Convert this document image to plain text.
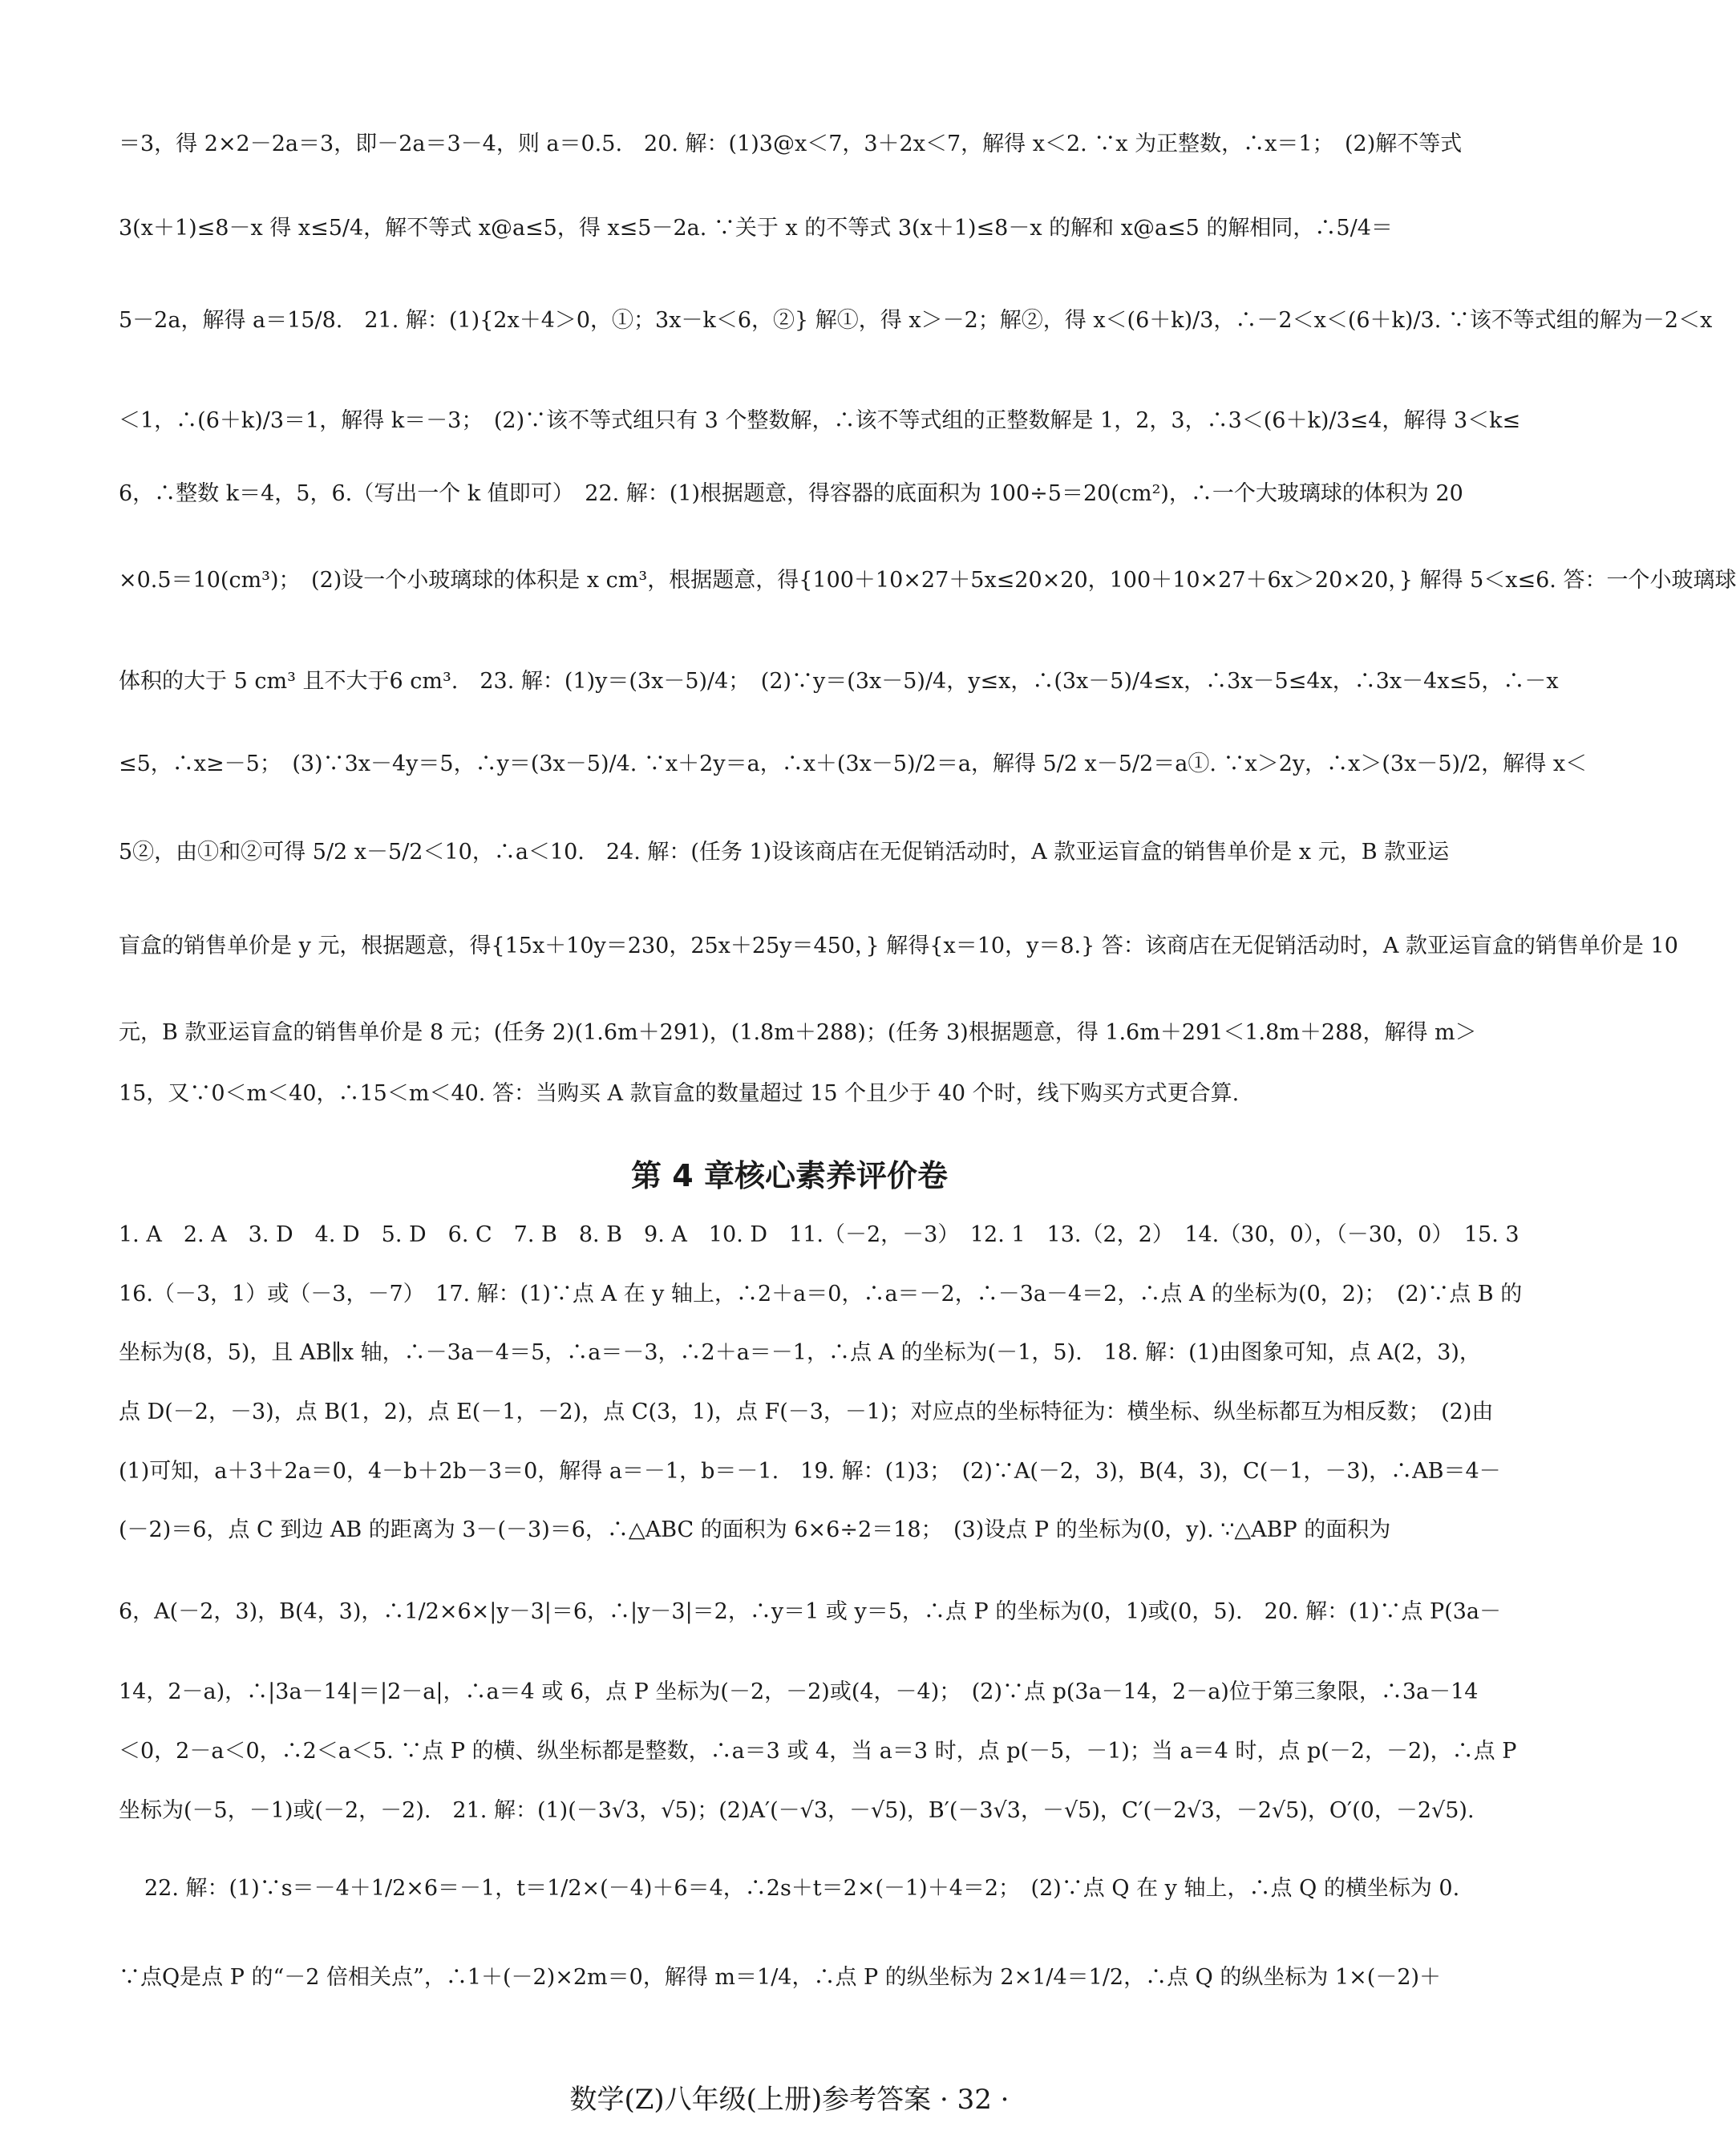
＝3，得 2×2－2a＝3，即－2a＝3－4，则 a＝0.5.　20. 解：(1)3@x＜7，3＋2x＜7，解得 x＜2. ∵x 为正整数，∴x＝1；　(2)解不等式
3(x＋1)≤8－x 得 x≤5/4，解不等式 x@a≤5，得 x≤5－2a. ∵关于 x 的不等式 3(x＋1)≤8－x 的解和 x@a≤5 的解相同，∴5/4＝
5－2a，解得 a＝15/8.　21. 解：(1){2x＋4＞0，①；3x－k＜6，②} 解①，得 x＞－2；解②，得 x＜(6＋k)/3，∴－2＜x＜(6＋k)/3. ∵该不等式组的解为－2＜x
＜1，∴(6＋k)/3＝1，解得 k＝－3；　(2)∵该不等式组只有 3 个整数解，∴该不等式组的正整数解是 1，2，3，∴3＜(6＋k)/3≤4，解得 3＜k≤
6，∴整数 k＝4，5，6.（写出一个 k 值即可）　22. 解：(1)根据题意，得容器的底面积为 100÷5＝20(cm²)，∴一个大玻璃球的体积为 20
×0.5＝10(cm³)；　(2)设一个小玻璃球的体积是 x cm³，根据题意，得{100＋10×27＋5x≤20×20，100＋10×27＋6x＞20×20，} 解得 5＜x≤6. 答：一个小玻璃球
体积的大于 5 cm³ 且不大于6 cm³.　23. 解：(1)y＝(3x－5)/4；　(2)∵y＝(3x－5)/4，y≤x，∴(3x－5)/4≤x，∴3x－5≤4x，∴3x－4x≤5，∴－x
≤5，∴x≥－5；　(3)∵3x－4y＝5，∴y＝(3x－5)/4. ∵x＋2y＝a，∴x＋(3x－5)/2＝a，解得 5/2 x－5/2＝a①. ∵x＞2y，∴x＞(3x－5)/2，解得 x＜
5②，由①和②可得 5/2 x－5/2＜10，∴a＜10.　24. 解：(任务 1)设该商店在无促销活动时，A 款亚运盲盒的销售单价是 x 元，B 款亚运
盲盒的销售单价是 y 元，根据题意，得{15x＋10y＝230，25x＋25y＝450，} 解得{x＝10，y＝8.} 答：该商店在无促销活动时，A 款亚运盲盒的销售单价是 10
元，B 款亚运盲盒的销售单价是 8 元；(任务 2)(1.6m＋291)，(1.8m＋288)；(任务 3)根据题意，得 1.6m＋291＜1.8m＋288，解得 m＞
15，又∵0＜m＜40，∴15＜m＜40. 答：当购买 A 款盲盒的数量超过 15 个且少于 40 个时，线下购买方式更合算.
第 4 章核心素养评价卷
1. A　2. A　3. D　4. D　5. D　6. C　7. B　8. B　9. A　10. D　11.（－2，－3）　12. 1　13.（2，2）　14.（30，0），（－30，0）　15. 3
16.（－3，1）或（－3，－7）　17. 解：(1)∵点 A 在 y 轴上，∴2＋a＝0，∴a＝－2，∴－3a－4＝2，∴点 A 的坐标为(0，2)；　(2)∵点 B 的
坐标为(8，5)，且 AB∥x 轴，∴－3a－4＝5，∴a＝－3，∴2＋a＝－1，∴点 A 的坐标为(－1，5).　18. 解：(1)由图象可知，点 A(2，3)，
点 D(－2，－3)，点 B(1，2)，点 E(－1，－2)，点 C(3，1)，点 F(－3，－1)；对应点的坐标特征为：横坐标、纵坐标都互为相反数；　(2)由
(1)可知，a＋3＋2a＝0，4－b＋2b－3＝0，解得 a＝－1，b＝－1.　19. 解：(1)3；　(2)∵A(－2，3)，B(4，3)，C(－1，－3)，∴AB＝4－
(－2)＝6，点 C 到边 AB 的距离为 3－(－3)＝6，∴△ABC 的面积为 6×6÷2＝18；　(3)设点 P 的坐标为(0，y). ∵△ABP 的面积为
6，A(－2，3)，B(4，3)，∴1/2×6×|y－3|＝6，∴|y－3|＝2，∴y＝1 或 y＝5，∴点 P 的坐标为(0，1)或(0，5).　20. 解：(1)∵点 P(3a－
14，2－a)，∴|3a－14|＝|2－a|，∴a＝4 或 6，点 P 坐标为(－2，－2)或(4，－4)；　(2)∵点 p(3a－14，2－a)位于第三象限，∴3a－14
＜0，2－a＜0，∴2＜a＜5. ∵点 P 的横、纵坐标都是整数，∴a＝3 或 4，当 a＝3 时，点 p(－5，－1)；当 a＝4 时，点 p(－2，－2)，∴点 P
坐标为(－5，－1)或(－2，－2).　21. 解：(1)(－3√3，√5)；(2)A′(－√3，－√5)，B′(－3√3，－√5)，C′(－2√3，－2√5)，O′(0，－2√5).
22. 解：(1)∵s＝－4＋1/2×6＝－1，t＝1/2×(－4)＋6＝4，∴2s＋t＝2×(－1)＋4＝2；　(2)∵点 Q 在 y 轴上，∴点 Q 的横坐标为 0.
∵点Q是点 P 的“－2 倍相关点”，∴1＋(－2)×2m＝0，解得 m＝1/4，∴点 P 的纵坐标为 2×1/4＝1/2，∴点 Q 的纵坐标为 1×(－2)＋
数学(Z)八年级(上册)参考答案 · 32 ·
